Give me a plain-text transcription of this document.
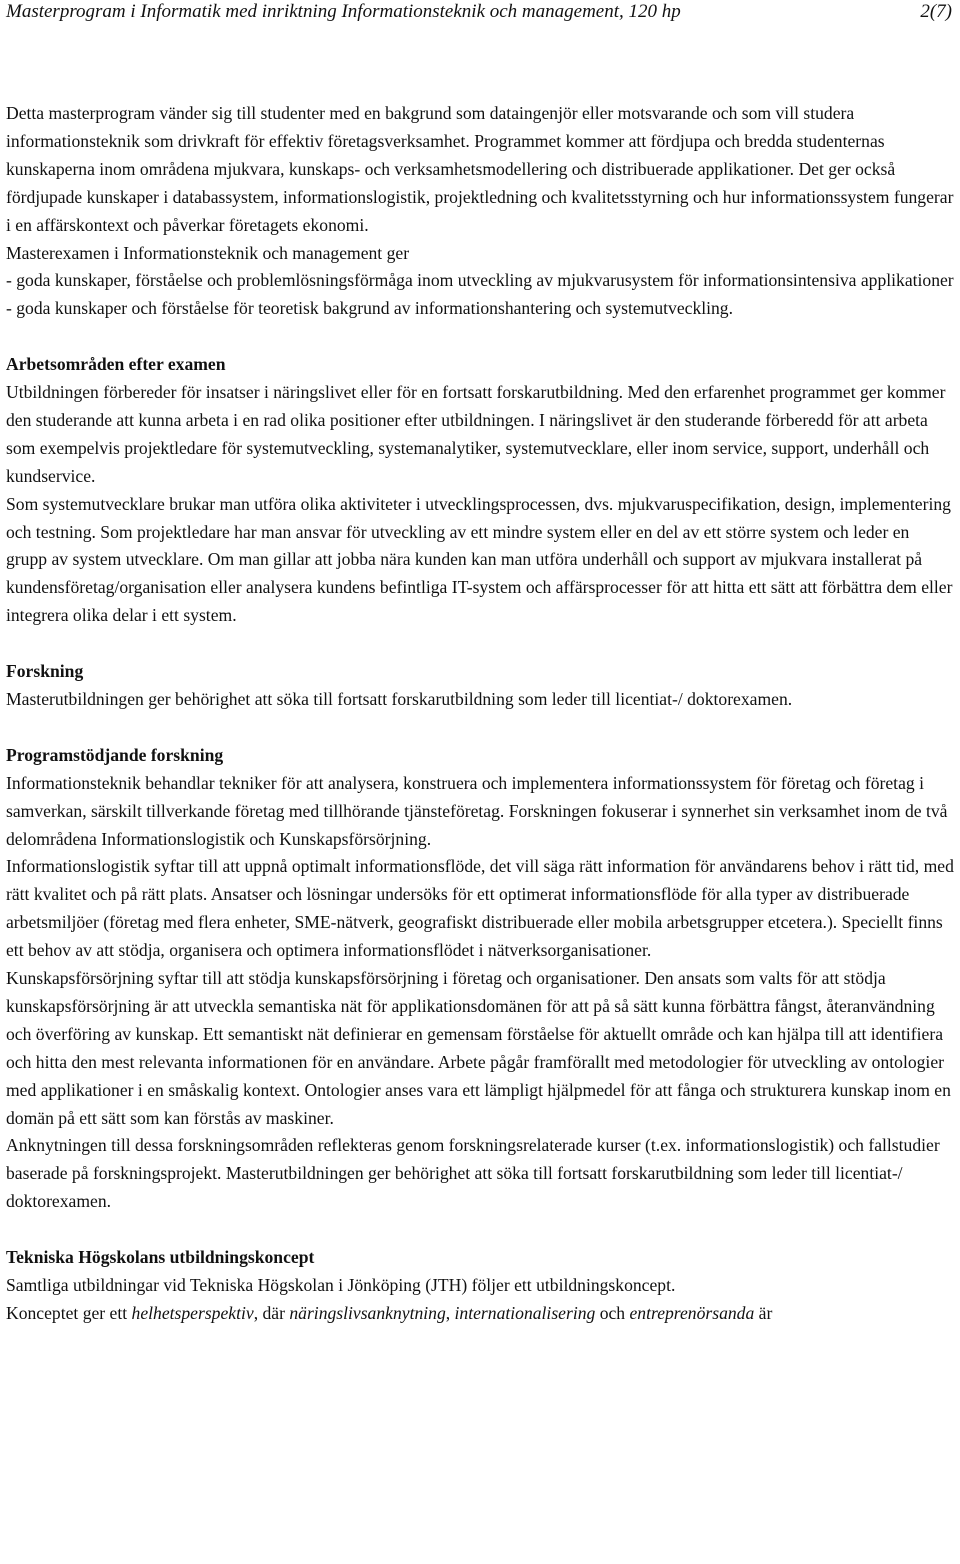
Masterprogram i Informatik med inriktning Informationsteknik och management, 120 hp	2(7)

Detta masterprogram vänder sig till studenter med en bakgrund som dataingenjör eller motsvarande och som vill studera informationsteknik som drivkraft för effektiv företagsverksamhet. Programmet kommer att fördjupa och bredda studenternas kunskaperna inom områdena mjukvara, kunskaps- och verksamhetsmodellering och distribuerade applikationer. Det ger också fördjupade kunskaper i databassystem, informationslogistik, projektledning och kvalitetsstyrning och hur informationssystem fungerar i en affärskontext och påverkar företagets ekonomi.

Masterexamen i Informationsteknik och management ger

- goda kunskaper, förståelse och problemlösningsförmåga inom utveckling av mjukvarusystem för informationsintensiva applikationer

- goda kunskaper och förståelse för teoretisk bakgrund av informationshantering och systemutveckling.

Arbetsområden efter examen

Utbildningen förbereder för insatser i näringslivet eller för en fortsatt forskarutbildning. Med den erfarenhet programmet ger kommer den studerande att kunna arbeta i en rad olika positioner efter utbildningen. I näringslivet är den studerande förberedd för att arbeta som exempelvis projektledare för systemutveckling, systemanalytiker, systemutvecklare, eller inom service, support, underhåll och kundservice.

Som systemutvecklare brukar man utföra olika aktiviteter i utvecklingsprocessen, dvs. mjukvaruspecifikation, design, implementering och testning. Som projektledare har man ansvar för utveckling av ett mindre system eller en del av ett större system och leder en grupp av system utvecklare. Om man gillar att jobba nära kunden kan man utföra underhåll och support av mjukvara installerat på kundensföretag/organisation eller analysera kundens befintliga IT-system och affärsprocesser för att hitta ett sätt att förbättra dem eller integrera olika delar i ett system.

Forskning

Masterutbildningen ger behörighet att söka till fortsatt forskarutbildning som leder till licentiat-/ doktorexamen.

Programstödjande forskning

Informationsteknik behandlar tekniker för att analysera, konstruera och implementera informationssystem för företag och företag i samverkan, särskilt tillverkande företag med tillhörande tjänsteföretag. Forskningen fokuserar i synnerhet sin verksamhet inom de två delområdena Informationslogistik och Kunskapsförsörjning.

Informationslogistik syftar till att uppnå optimalt informationsflöde, det vill säga rätt information för användarens behov i rätt tid, med rätt kvalitet och på rätt plats. Ansatser och lösningar undersöks för ett optimerat informationsflöde för alla typer av distribuerade arbetsmiljöer (företag med flera enheter, SME-nätverk, geografiskt distribuerade eller mobila arbetsgrupper etcetera.). Speciellt finns ett behov av att stödja, organisera och optimera informationsflödet i nätverksorganisationer.

Kunskapsförsörjning syftar till att stödja kunskapsförsörjning i företag och organisationer. Den ansats som valts för att stödja kunskapsförsörjning är att utveckla semantiska nät för applikationsdomänen för att på så sätt kunna förbättra fångst, återanvändning och överföring av kunskap. Ett semantiskt nät definierar en gemensam förståelse för aktuellt område och kan hjälpa till att identifiera och hitta den mest relevanta informationen för en användare. Arbete pågår framförallt med metodologier för utveckling av ontologier med applikationer i en småskalig kontext. Ontologier anses vara ett lämpligt hjälpmedel för att fånga och strukturera kunskap inom en domän på ett sätt som kan förstås av maskiner.

Anknytningen till dessa forskningsområden reflekteras genom forskningsrelaterade kurser (t.ex. informationslogistik) och fallstudier baserade på forskningsprojekt. Masterutbildningen ger behörighet att söka till fortsatt forskarutbildning som leder till licentiat-/ doktorexamen.

Tekniska Högskolans utbildningskoncept

Samtliga utbildningar vid Tekniska Högskolan i Jönköping (JTH) följer ett utbildningskoncept.

Konceptet ger ett helhetsperspektiv, där näringslivsanknytning, internationalisering och entreprenörsanda är
